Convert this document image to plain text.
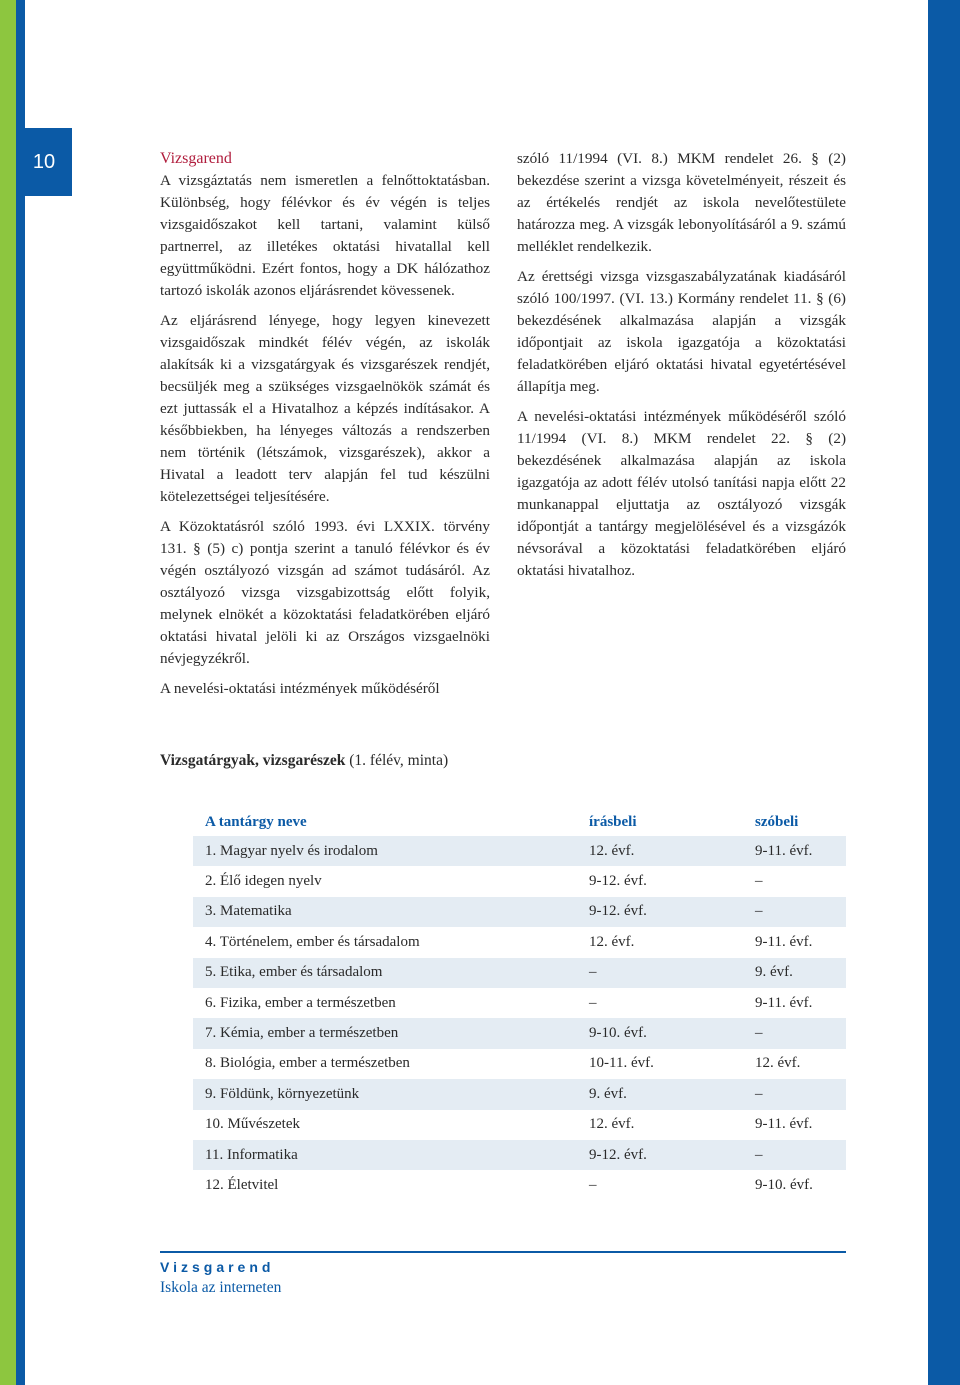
10	Vizsgarend

A vizsgáztatás nem ismeretlen a felnőttoktatásban. Különbség, hogy félévkor és év végén is teljes vizsgaidőszakot kell tartani, valamint külső partnerrel, az illetékes oktatási hivatallal kell együttműködni. Ezért fontos, hogy a DK hálózathoz tartozó iskolák azonos eljárásrendet kövessenek.

Az eljárásrend lényege, hogy legyen kinevezett vizsgaidőszak mindkét félév végén, az iskolák alakítsák ki a vizsgatárgyak és vizsgarészek rendjét, becsüljék meg a szükséges vizsgaelnökök számát és ezt juttassák el a Hivatalhoz a képzés indításakor. A későbbiekben, ha lényeges változás a rendszerben nem történik (létszámok, vizsgarészek), akkor a Hivatal a leadott terv alapján fel tud készülni kötelezettségei teljesítésére.

A Közoktatásról szóló 1993. évi LXXIX. törvény 131. § (5) c) pontja szerint a tanuló félévkor és év végén osztályozó vizsgán ad számot tudásáról. Az osztályozó vizsga vizsgabizottság előtt folyik, melynek elnökét a közoktatási feladatkörében eljáró oktatási hivatal jelöli ki az Országos vizsgaelnöki névjegyzékről.

A nevelési-oktatási intézmények működéséről

szóló 11/1994 (VI. 8.) MKM rendelet 26. § (2) bekezdése szerint a vizsga követelményeit, részeit és az értékelés rendjét az iskola nevelőtestülete határozza meg. A vizsgák lebonyolításáról a 9. számú melléklet rendelkezik.

Az érettségi vizsga vizsgaszabályzatának kiadásáról szóló 100/1997. (VI. 13.) Kormány rendelet 11. § (6) bekezdésének alkalmazása alapján a vizsgák időpontjait az iskola igazgatója a közoktatási feladatkörében eljáró oktatási hivatal egyetértésével állapítja meg.

A nevelési-oktatási intézmények működéséről szóló 11/1994 (VI. 8.) MKM rendelet 22. § (2) bekezdésének alkalmazása alapján az iskola igazgatója az adott félév utolsó tanítási napja előtt 22 munkanappal eljuttatja az osztályozó vizsgák időpontját a tantárgy megjelölésével és a vizsgázók névsorával a közoktatási feladatkörében eljáró oktatási hivatalhoz.

Vizsgatárgyak, vizsgarészek (1. félév, minta)
A tantárgy neve	írásbeli	szóbeli
1. Magyar nyelv és irodalom	12. évf.	9-11. évf.
2. Élő idegen nyelv	9-12. évf.	–
3. Matematika	9-12. évf.	–
4. Történelem, ember és társadalom	12. évf.	9-11. évf.
5. Etika, ember és társadalom	–	9. évf.
6. Fizika, ember a természetben	–	9-11. évf.
7. Kémia, ember a természetben	9-10. évf.	–
8. Biológia, ember a természetben	10-11. évf.	12. évf.
9. Földünk, környezetünk	9. évf.	–
10. Művészetek	12. évf.	9-11. évf.
11. Informatika	9-12. évf.	–
12. Életvitel	–	9-10. évf.
Vizsgarend
Iskola az interneten
